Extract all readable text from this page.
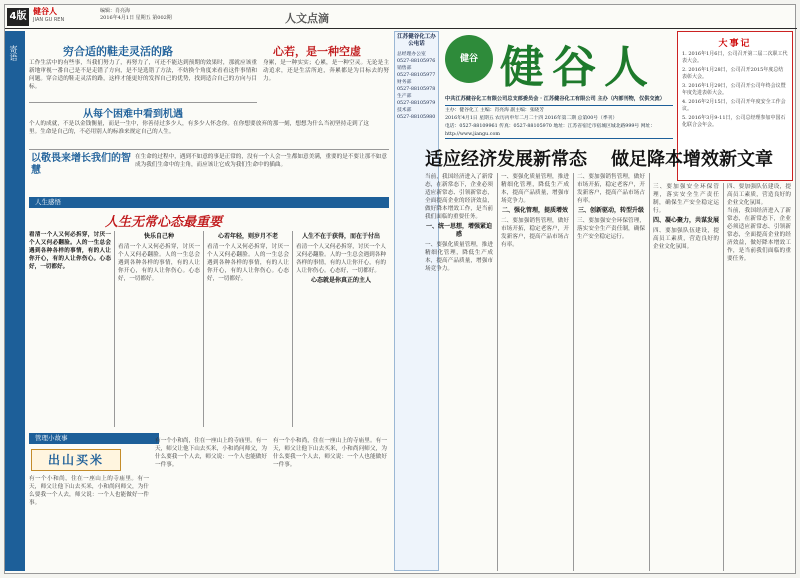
4版 健谷人
JIAN GU REN
编辑：肖亮海
2016年4月1日 星期五 第002期	人文点滴
寄语	穷合适的鞋走灵活的路
工作生活中的有些事，当我们努力了，再努力了，可还不能达到预期的效果时，那就应该重新地审视一番自己是不是走错了方向，是不是选错了方法，不妨换个角度来看看这件事情和问题。穿合适的鞋走灵活的路，这样才能更好的发挥自己的优势，找到适合自己的方向与目标。
从每个困难中看到机遇
个人的成就，不是以金钱衡量，而是一生中，你善待过多少人，有多少人怀念你。在你想要放弃的那一刻，想想为什么当初坚持走到了这里。生命是自己的，不必用别人的标准来规定自己的人生。
以敬畏来增长我们的智慧
在生命的过程中，遇到不如意的事是正常的，没有一个人会一生都如意美满，重要的是不要让那不如意成为我们生命中的主角，而应该让它成为我们生命中的插曲。
人生感悟
人生无常心态最重要
看清一个人又何必拆穿，讨厌一个人又何必翻脸。人的一生总会遇到各种各样的事情，有的人让你开心，有的人让你伤心。心态好，一切都好。
快乐自己种
看清一个人又何必拆穿，讨厌一个人又何必翻脸。人的一生总会遇到各种各样的事情，有的人让你开心，有的人让你伤心。心态好，一切都好。
心若年轻，则岁月不老
看清一个人又何必拆穿，讨厌一个人又何必翻脸。人的一生总会遇到各种各样的事情，有的人让你开心，有的人让你伤心。心态好，一切都好。
人生不在于获得，而在于付出
看清一个人又何必拆穿，讨厌一个人又何必翻脸。人的一生总会遇到各种各样的事情，有的人让你开心，有的人让你伤心。心态好，一切都好。
心态就是你真正的主人
管理小故事
出山买米
有一个小和尚，住在一座山上的寺庙里。有一天，师父让他下山去买米，小和尚问师父，为什么要我一个人去，师父说：一个人也能做好一件事。
有一个小和尚，住在一座山上的寺庙里。有一天，师父让他下山去买米，小和尚问师父，为什么要我一个人去，师父说：一个人也能做好一件事。
有一个小和尚，住在一座山上的寺庙里。有一天，师父让他下山去买米，小和尚问师父，为什么要我一个人去，师父说：一个人也能做好一件事。
心若，是一种空虚
身累，是一种实实；心累，是一种空灵。无论是主动追求，还是生活所迫，奔累都是为目标去的努力。
江苏健谷化工办公电话
总经理办公室
0527-88105976
销售部
0527-88105977
财务部
0527-88105978
生产部
0527-88105979
技术部
0527-88105980
健谷 健谷人
中共江苏健谷化工有限公司总支部委员会 · 江苏健谷化工有限公司 主办（内部刊物，仅供交流）
主办：健谷化工 主编：肖亮海 副主编：张晓芳
2016年4月1日 星期五 农历丙申年二月二十四 2016年第二期 总第00号（季刊）
电话：0527-88109961 传真：0527-88105970 地址：江苏省宿迁市宿城区城北路999号 网址：http://www.jiangu.com
大事记
1. 2016年1月6日，公司召开第二届二次职工代表大会。
2. 2016年1月28日，公司召开2015年度总结表彰大会。
3. 2016年1月29日，公司召开公司年终会议暨年度先进表彰大会。
4. 2016年2月15日，公司召开年度安全工作会议。
5. 2016年3月9-11日，公司总经理参加中国石化联合会年会。
适应经济发展新常态 做足降本增效新文章
当前，我国经济进入了新常态，在新常态下，企业必须适应新常态、引领新常态，全面提高企业的经济效益，做好降本增效工作，是当前我们面临的重要任务。
一、统一思想，增强紧迫感
一、要强化质量管理，推进精细化管理，降低生产成本，提高产品质量，增强市场竞争力。
一、要强化质量管理，推进精细化管理，降低生产成本，提高产品质量，增强市场竞争力。
二、强化管理，提质增效
二、要加强销售管理，做好市场开拓，稳定老客户，开发新客户，提高产品市场占有率。
二、要加强销售管理，做好市场开拓，稳定老客户，开发新客户，提高产品市场占有率。
三、创新驱动，转型升级
三、要加强安全环保管理，落实安全生产责任制，确保生产安全稳定运行。
三、要加强安全环保管理，落实安全生产责任制，确保生产安全稳定运行。
四、凝心聚力，共谋发展
四、要加强队伍建设，提高员工素质，营造良好的企业文化氛围。
四、要加强队伍建设，提高员工素质，营造良好的企业文化氛围。
当前，我国经济进入了新常态，在新常态下，企业必须适应新常态、引领新常态，全面提高企业的经济效益，做好降本增效工作，是当前我们面临的重要任务。
